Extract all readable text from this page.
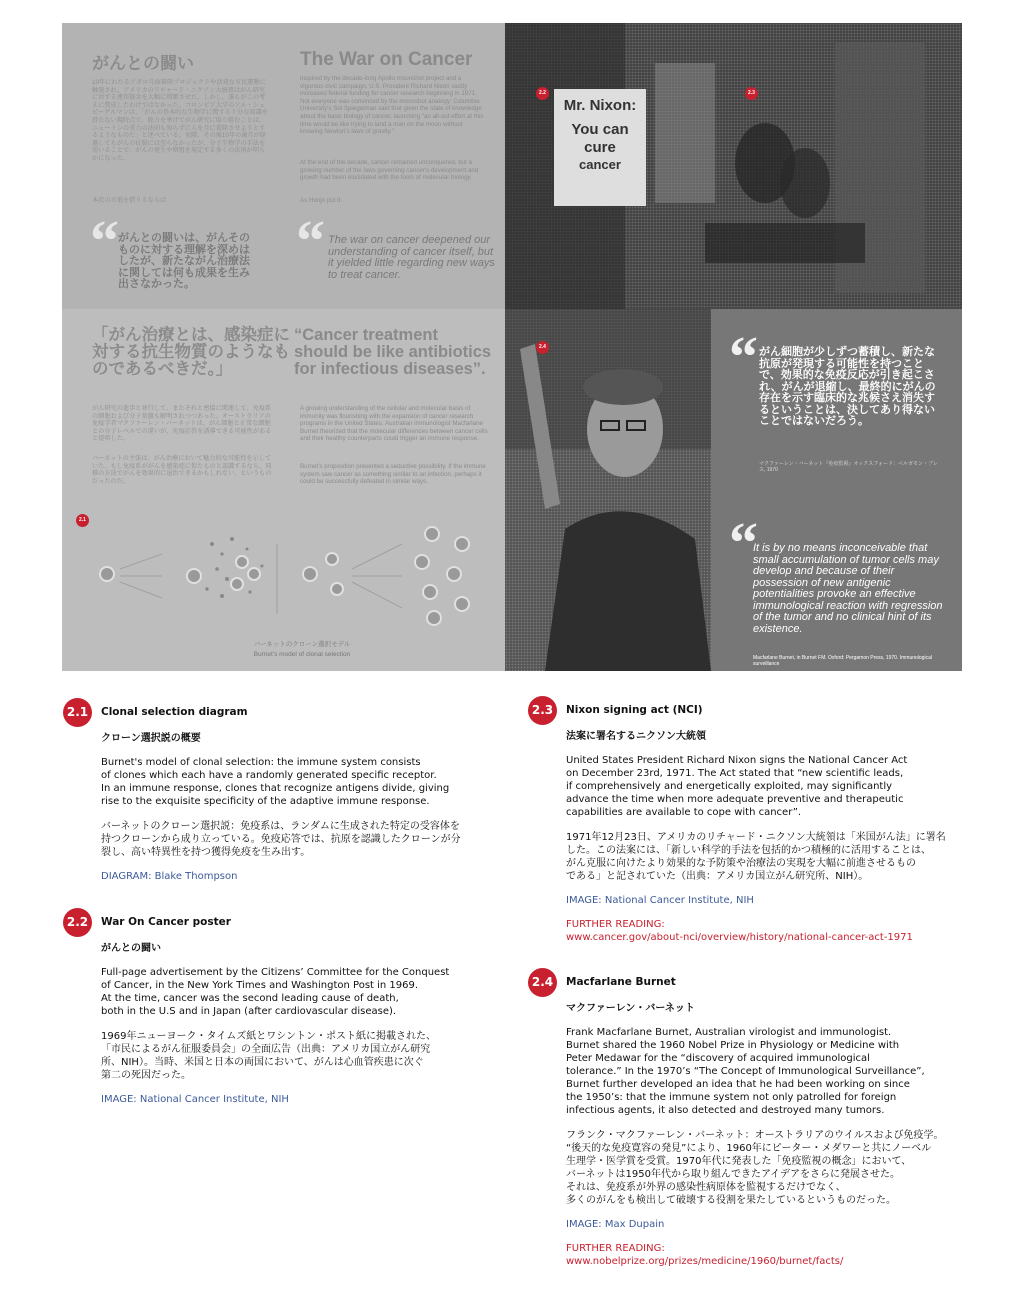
がんとの闘い
10年にわたるアポロ月面着陸プロジェクトや活発な市民運動に触発され、アメリカのリチャード・ニクソン大統領はがん研究に対する連邦資金を大幅に増額させた。しかし、誰もがこの考えに賛成したわけではなかった。コロンビア大学のソル・シュピーゲルマンは、「がんの基本的な生物学に関する十分な知識を持たない現時点で、総力を挙げてがん研究に取り組むことは、ニュートンの重力の法則も知らずに人を月に着陸させようとするようなものだ」と述べている。実際、その後10年の歳月が経過してもがんの征服には至らなかったが、分子生物学の手法を用いることで、がんの発生や増殖を規定する多くの法則が明らかになった。
本庶の言葉を借りるならば
“ がんとの闘いは、がんそのものに対する理解を深めはしたが、新たながん治療法に関しては何も成果を生み出さなかった。
The War on Cancer
Inspired by the decade-long Apollo moonshot project and a vigorous civic campaign, U.S. President Richard Nixon vastly increased federal funding for cancer research beginning in 1971. Not everyone was convinced by the moonshot analogy: Columbia University's Sol Spiegelman said that given the state of knowledge about the basic biology of cancer, launching "an all-out effort at this time would be like trying to land a man on the moon without knowing Newton's laws of gravity."
At the end of the decade, cancer remained unconquered, but a growing number of the laws governing cancer's development and growth had been elucidated with the tools of molecular biology.
As Honjo put it:
“ The war on cancer deepened our understanding of cancer itself, but it yielded little regarding new ways to treat cancer.
Mr. Nixon:
You can
cure
cancer
「がん治療とは、感染症に対する抗生物質のようなものであるべきだ。」
“Cancer treatment should be like antibiotics for infectious diseases”.
がん研究の進歩と並行して、またそれと密接に関連して、免疫系の細胞および分子基盤も解明されつつあった。オーストラリアの免疫学者マクファーレン・バーネットは、がん細胞と正常な細胞との分子レベルでの違いが、免疫応答を誘導できる可能性があると提唱した。
バーネットの主張は、がん治療において魅力的な可能性を示していた。もし免疫系ががんを感染症に似たものと認識するなら、同様の方法でがんを効果的に退治できるかもしれない、というものだったのだ。
A growing understanding of the cellular and molecular basis of immunity was flourishing with the expansion of cancer research programs in the United States. Australian immunologist Macfarlane Burnet theorized that the molecular differences between cancer cells and their healthy counterparts could trigger an immune response.
Burnet's proposition presented a seductive possibility. If the immune system saw cancer as something similar to an infection, perhaps it could be successfully defeated in similar ways.
バーネットのクローン選択モデル
Burnet's model of clonal selection
“ がん細胞が少しずつ蓄積し、新たな抗原が発現する可能性を持つことで、効果的な免疫反応が引き起こされ、がんが退縮し、最終的にがんの存在を示す臨床的な兆候さえ消失するということは、決してあり得ないことではないだろう。
マクファーレン・バーネット『免疫監視』オックスフォード：ペルガモン・プレス, 1970
“
It is by no means inconceivable that small accumulation of tumor cells may develop and because of their possession of new antigenic potentialities provoke an effective immunological reaction with regression of the tumor and no clinical hint of its existence.
Macfarlane Burnet, in Burnet FM. Oxford: Pergamon Press, 1970. Immunological surveillance
2.2	2.3
2.4
2.1
2.1	Clonal selection diagram
クローン選択説の概要
Burnet's model of clonal selection: the immune system consists
of clones which each have a randomly generated specific receptor.
In an immune response, clones that recognize antigens divide, giving
rise to the exquisite specificity of the adaptive immune response.
バーネットのクローン選択説：免疫系は、ランダムに生成された特定の受容体を
持つクローンから成り立っている。免疫応答では、抗原を認識したクローンが分
裂し、高い特異性を持つ獲得免疫を生み出す。
DIAGRAM: Blake Thompson
2.2	War On Cancer poster
がんとの闘い
Full-page advertisement by the Citizens’ Committee for the Conquest
of Cancer, in the New York Times and Washington Post in 1969.
At the time, cancer was the second leading cause of death,
both in the U.S and in Japan (after cardiovascular disease).
1969年ニューヨーク・タイムズ紙とワシントン・ポスト紙に掲載された、
「市民によるがん征服委員会」の全面広告（出典：アメリカ国立がん研究
所、NIH）。当時、米国と日本の両国において、がんは心血管疾患に次ぐ
第二の死因だった。
IMAGE: National Cancer Institute, NIH
2.3	Nixon signing act (NCI)
法案に署名するニクソン大統領
United States President Richard Nixon signs the National Cancer Act
on December 23rd, 1971. The Act stated that “new scientific leads,
if comprehensively and energetically exploited, may significantly
advance the time when more adequate preventive and therapeutic
capabilities are available to cope with cancer”.
1971年12月23日、アメリカのリチャード・ニクソン大統領は「米国がん法」に署名
した。この法案には、「新しい科学的手法を包括的かつ積極的に活用することは、
がん克服に向けたより効果的な予防策や治療法の実現を大幅に前進させるもの
である」と記されていた（出典：アメリカ国立がん研究所、NIH）。
IMAGE: National Cancer Institute, NIH
FURTHER READING:
www.cancer.gov/about-nci/overview/history/national-cancer-act-1971
2.4	Macfarlane Burnet
マクファーレン・バーネット
Frank Macfarlane Burnet, Australian virologist and immunologist.
Burnet shared the 1960 Nobel Prize in Physiology or Medicine with
Peter Medawar for the “discovery of acquired immunological
tolerance.” In the 1970’s “The Concept of Immunological Surveillance”,
Burnet further developed an idea that he had been working on since
the 1950’s: that the immune system not only patrolled for foreign
infectious agents, it also detected and destroyed many tumors.
フランク・マクファーレン・バーネット：オーストラリアのウイルスおよび免疫学。
“後天的な免疫寛容の発見”により、1960年にピーター・メダワーと共にノーベル
生理学・医学賞を受賞。1970年代に発表した「免疫監視の概念」において、
バーネットは1950年代から取り組んできたアイデアをさらに発展させた。
それは、免疫系が外界の感染性病原体を監視するだけでなく、
多くのがんをも検出して破壊する役割を果たしているというものだった。
IMAGE: Max Dupain
FURTHER READING:
www.nobelprize.org/prizes/medicine/1960/burnet/facts/
